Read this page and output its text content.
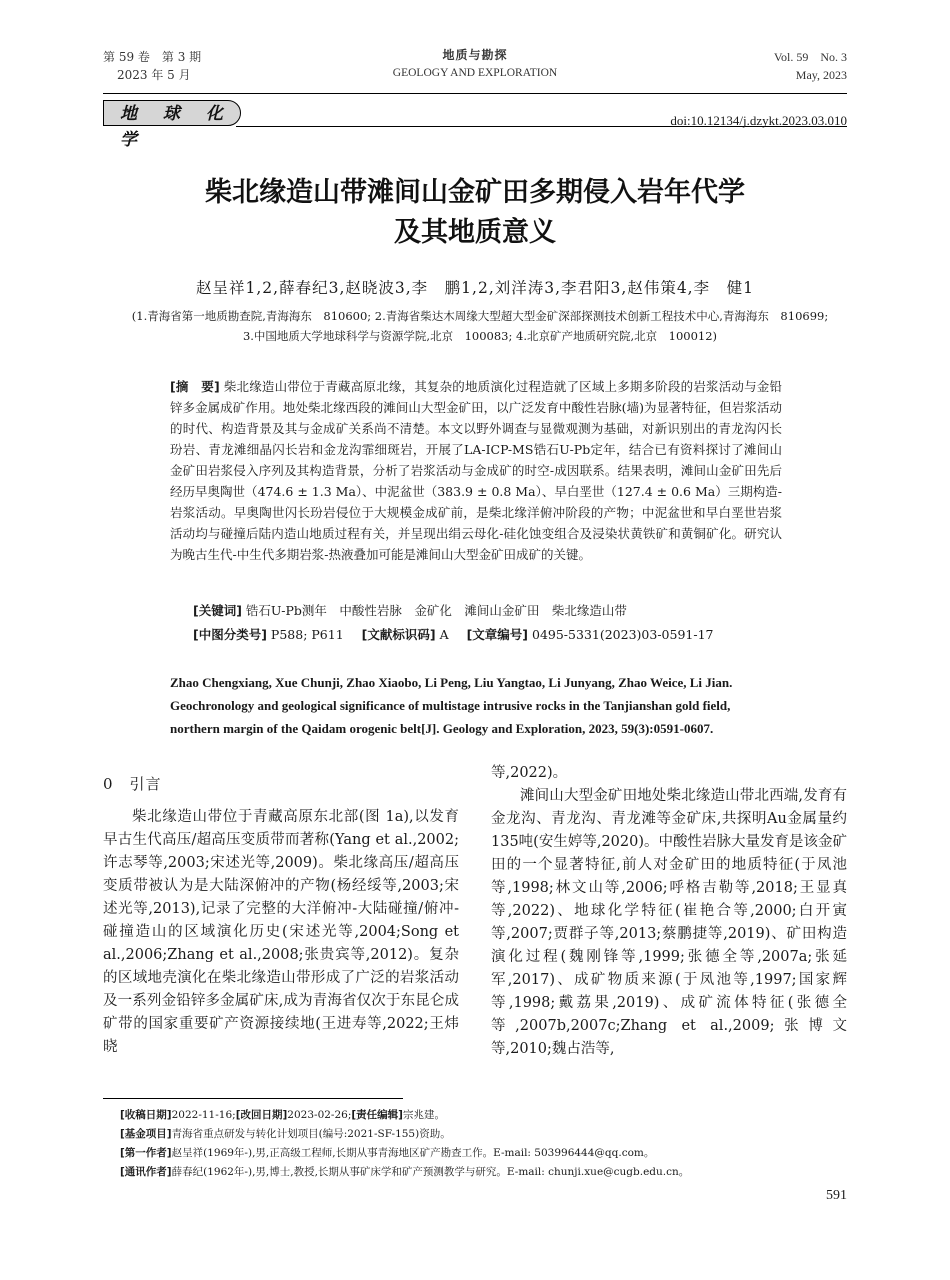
第 59 卷　第 3 期
2023 年 5 月
地质与勘探
GEOLOGY AND EXPLORATION
Vol. 59　No. 3
May, 2023
地 球 化 学
doi:10.12134/j.dzykt.2023.03.010
柴北缘造山带滩间山金矿田多期侵入岩年代学
及其地质意义
赵呈祥1,2,薛春纪3,赵晓波3,李　鹏1,2,刘洋涛3,李君阳3,赵伟策4,李　健1
(1.青海省第一地质勘查院,青海海东　810600; 2.青海省柴达木周缘大型超大型金矿深部探测技术创新工程技术中心,青海海东　810699; 3.中国地质大学地球科学与资源学院,北京　100083; 4.北京矿产地质研究院,北京　100012)
[摘　要] 柴北缘造山带位于青藏高原北缘，其复杂的地质演化过程造就了区域上多期多阶段的岩浆活动与金铅锌多金属成矿作用。地处柴北缘西段的滩间山大型金矿田，以广泛发育中酸性岩脉(墙)为显著特征，但岩浆活动的时代、构造背景及其与金成矿关系尚不清楚。本文以野外调查与显微观测为基础，对新识别出的青龙沟闪长玢岩、青龙滩细晶闪长岩和金龙沟霏细斑岩，开展了LA-ICP-MS锆石U-Pb定年，结合已有资料探讨了滩间山金矿田岩浆侵入序列及其构造背景，分析了岩浆活动与金成矿的时空-成因联系。结果表明，滩间山金矿田先后经历早奥陶世（474.6 ± 1.3 Ma）、中泥盆世（383.9 ± 0.8 Ma）、早白垩世（127.4 ± 0.6 Ma）三期构造-岩浆活动。早奥陶世闪长玢岩侵位于大规模金成矿前，是柴北缘洋俯冲阶段的产物；中泥盆世和早白垩世岩浆活动均与碰撞后陆内造山地质过程有关，并呈现出绢云母化-硅化蚀变组合及浸染状黄铁矿和黄铜矿化。研究认为晚古生代-中生代多期岩浆-热液叠加可能是滩间山大型金矿田成矿的关键。
[关键词] 锆石U-Pb测年　中酸性岩脉　金矿化　滩间山金矿田　柴北缘造山带
[中图分类号] P588; P611 [文献标识码] A [文章编号] 0495-5331(2023)03-0591-17
Zhao Chengxiang, Xue Chunji, Zhao Xiaobo, Li Peng, Liu Yangtao, Li Junyang, Zhao Weice, Li Jian. Geochronology and geological significance of multistage intrusive rocks in the Tanjianshan gold field, northern margin of the Qaidam orogenic belt[J]. Geology and Exploration, 2023, 59(3):0591-0607.
0　引言

柴北缘造山带位于青藏高原东北部(图 1a),以发育早古生代高压/超高压变质带而著称(Yang et al.,2002;许志琴等,2003;宋述光等,2009)。柴北缘高压/超高压变质带被认为是大陆深俯冲的产物(杨经绥等,2003;宋述光等,2013),记录了完整的大洋俯冲-大陆碰撞/俯冲-碰撞造山的区域演化历史(宋述光等,2004;Song et al.,2006;Zhang et al.,2008;张贵宾等,2012)。复杂的区域地壳演化在柴北缘造山带形成了广泛的岩浆活动及一系列金铅锌多金属矿床,成为青海省仅次于东昆仑成矿带的国家重要矿产资源接续地(王进寿等,2022;王炜晓

等,2022)。

滩间山大型金矿田地处柴北缘造山带北西端,发育有金龙沟、青龙沟、青龙滩等金矿床,共探明Au金属量约135吨(安生婷等,2020)。中酸性岩脉大量发育是该金矿田的一个显著特征,前人对金矿田的地质特征(于凤池等,1998;林文山等,2006;呼格吉勒等,2018;王显真等,2022)、地球化学特征(崔艳合等,2000;白开寅等,2007;贾群子等,2013;蔡鹏捷等,2019)、矿田构造演化过程(魏刚锋等,1999;张德全等,2007a;张延军,2017)、成矿物质来源(于凤池等,1997;国家辉等,1998;戴荔果,2019)、成矿流体特征(张德全等,2007b,2007c;Zhang et al.,2009;张博文等,2010;魏占浩等,

[收稿日期]2022-11-16;[改回日期]2023-02-26;[责任编辑]宗兆建。
[基金项目]青海省重点研发与转化计划项目(编号:2021-SF-155)资助。
[第一作者]赵呈祥(1969年-),男,正高级工程师,长期从事青海地区矿产勘查工作。E-mail: 503996444@qq.com。
[通讯作者]薛春纪(1962年-),男,博士,教授,长期从事矿床学和矿产预测教学与研究。E-mail: chunji.xue@cugb.edu.cn。
591
